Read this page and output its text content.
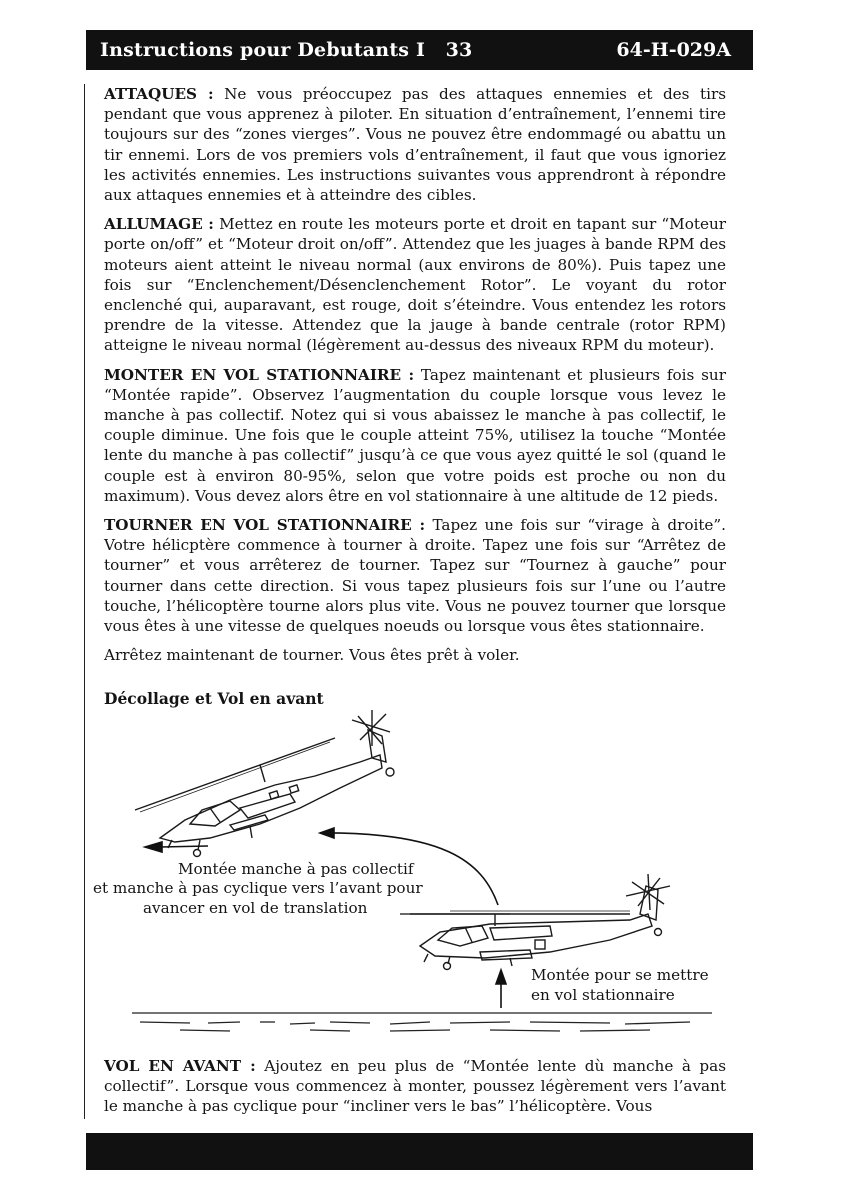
Instructions pour Debutants I 33	64-H-029A

ATTAQUES : Ne vous préoccupez pas des attaques ennemies et des tirs pendant que vous apprenez à piloter. En situation d’entraînement, l’ennemi tire toujours sur des “zones vierges”. Vous ne pouvez être endommagé ou abattu un tir ennemi. Lors de vos premiers vols d’entraînement, il faut que vous ignoriez les activités ennemies. Les instructions suivantes vous apprendront à répondre aux attaques ennemies et à atteindre des cibles.

ALLUMAGE : Mettez en route les moteurs porte et droit en tapant sur “Moteur porte on/off” et “Moteur droit on/off”. Attendez que les juages à bande RPM des moteurs aient atteint le niveau normal (aux environs de 80%). Puis tapez une fois sur “Enclenchement/Désenclenchement Rotor”. Le voyant du rotor enclenché qui, auparavant, est rouge, doit s’éteindre. Vous entendez les rotors prendre de la vitesse. Attendez que la jauge à bande centrale (rotor RPM) atteigne le niveau normal (légèrement au-dessus des niveaux RPM du moteur).

MONTER EN VOL STATIONNAIRE : Tapez maintenant et plusieurs fois sur “Montée rapide”. Observez l’augmentation du couple lorsque vous levez le manche à pas collectif. Notez qui si vous abaissez le manche à pas collectif, le couple diminue. Une fois que le couple atteint 75%, utilisez la touche “Montée lente du manche à pas collectif” jusqu’à ce que vous ayez quitté le sol (quand le couple est à environ 80-95%, selon que votre poids est proche ou non du maximum). Vous devez alors être en vol stationnaire à une altitude de 12 pieds.

TOURNER EN VOL STATIONNAIRE : Tapez une fois sur “virage à droite”. Votre hélicptère commence à tourner à droite. Tapez une fois sur “Arrêtez de tourner” et vous arrêterez de tourner. Tapez sur “Tournez à gauche” pour tourner dans cette direction. Si vous tapez plusieurs fois sur l’une ou l’autre touche, l’hélicoptère tourne alors plus vite. Vous ne pouvez tourner que lorsque vous êtes à une vitesse de quelques noeuds ou lorsque vous êtes stationnaire.

Arrêtez maintenant de tourner. Vous êtes prêt à voler.

Décollage et Vol en avant
Montée manche à pas collectif
et manche à pas cyclique vers l’avant pour
avancer en vol de translation
Montée pour se mettre
en vol stationnaire

VOL EN AVANT : Ajoutez en peu plus de “Montée lente dù manche à pas collectif”. Lorsque vous commencez à monter, poussez légèrement vers l’avant le manche à pas cyclique pour “incliner vers le bas” l’hélicoptère. Vous
